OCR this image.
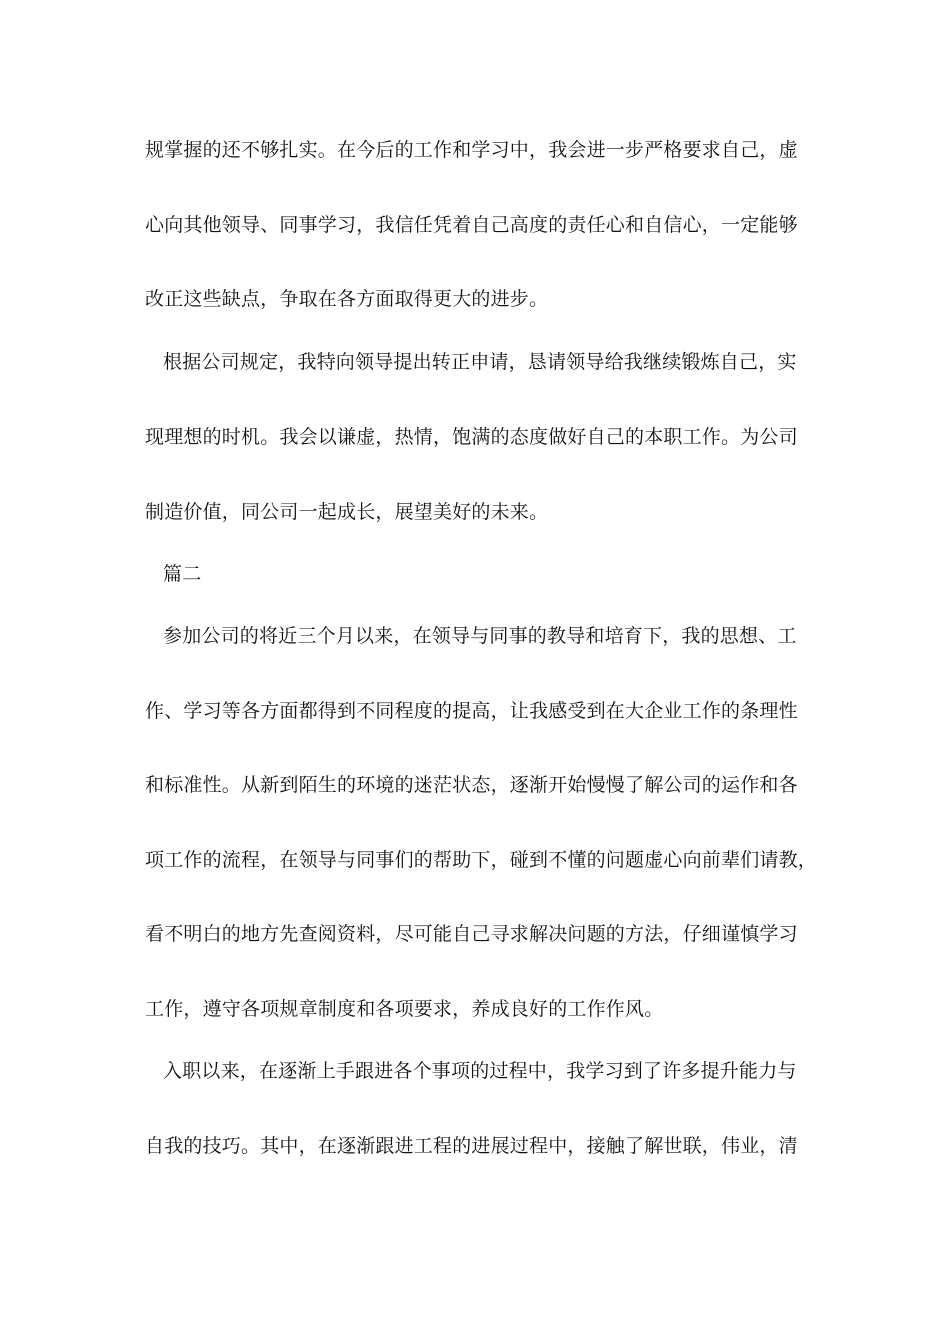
规掌握的还不够扎实。在今后的工作和学习中，我会进一步严格要求自己，虚
心向其他领导、同事学习，我信任凭着自己高度的责任心和自信心，一定能够
改正这些缺点，争取在各方面取得更大的进步。
根据公司规定，我特向领导提出转正申请，恳请领导给我继续锻炼自己，实
现理想的时机。我会以谦虚，热情，饱满的态度做好自己的本职工作。为公司
制造价值，同公司一起成长，展望美好的未来。
篇二
参加公司的将近三个月以来，在领导与同事的教导和培育下，我的思想、工
作、学习等各方面都得到不同程度的提高，让我感受到在大企业工作的条理性
和标准性。从新到陌生的环境的迷茫状态，逐渐开始慢慢了解公司的运作和各
项工作的流程，在领导与同事们的帮助下，碰到不懂的问题虚心向前辈们请教，
看不明白的地方先查阅资料，尽可能自己寻求解决问题的方法，仔细谨慎学习
工作，遵守各项规章制度和各项要求，养成良好的工作作风。
入职以来，在逐渐上手跟进各个事项的过程中，我学习到了许多提升能力与
自我的技巧。其中，在逐渐跟进工程的进展过程中，接触了解世联，伟业，清
